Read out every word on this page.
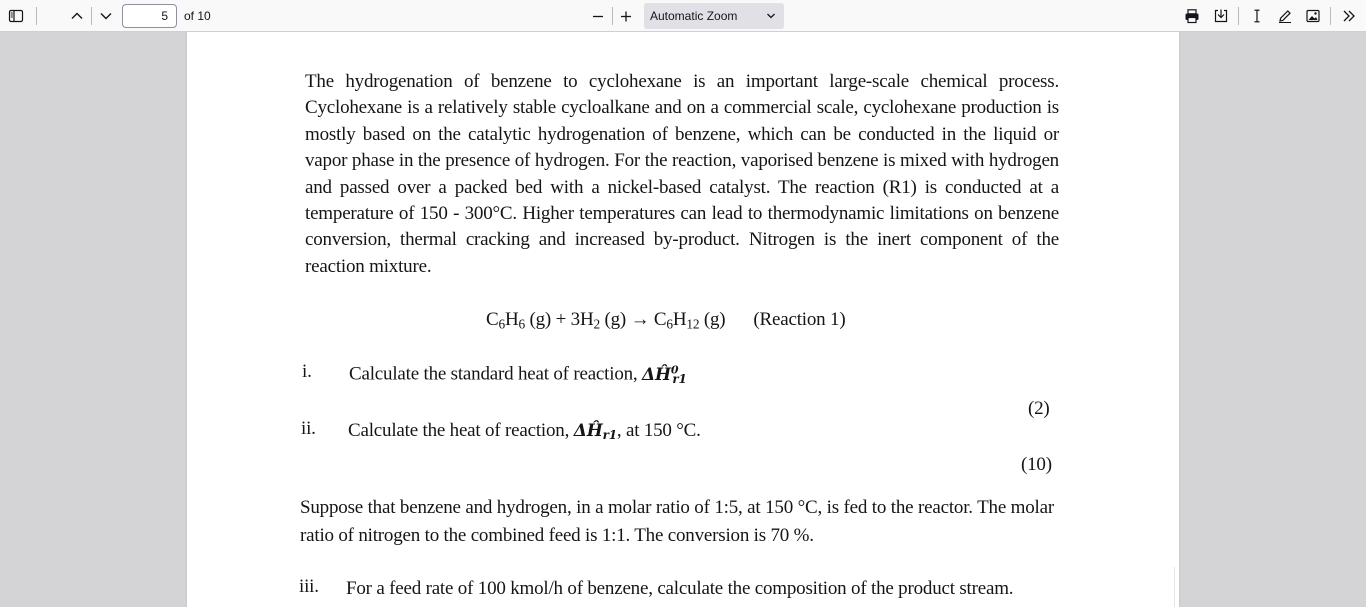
5
of 10	Automatic Zoom
The hydrogenation of benzene to cyclohexane is an important large-scale chemical process. Cyclohexane is a relatively stable cycloalkane and on a commercial scale, cyclohexane production is mostly based on the catalytic hydrogenation of benzene, which can be conducted in the liquid or vapor phase in the presence of hydrogen. For the reaction, vaporised benzene is mixed with hydrogen and passed over a packed bed with a nickel-based catalyst. The reaction (R1) is conducted at a temperature of 150 - 300°C. Higher temperatures can lead to thermodynamic limitations on benzene conversion, thermal cracking and increased by-product. Nitrogen is the inert component of the reaction mixture.
$C_6H_6$ $(g) + 3H_2$ $(g) \to C_6H_{12}$ (g) (Reaction 1)
i. Calculate the standard heat of reaction, $\Delta Ĥ^0_{r1}$
(2)
ii. Calculate the heat of reaction, $\Delta Ĥ_{r1}$, at 150 °C.
(10)
Suppose that benzene and hydrogen, in a molar ratio of 1:5, at 150 °C, is fed to the reactor. The molar ratio of nitrogen to the combined feed is 1:1. The conversion is 70 %.
iii. For a feed rate of 100 kmol/h of benzene, calculate the composition of the product stream.
